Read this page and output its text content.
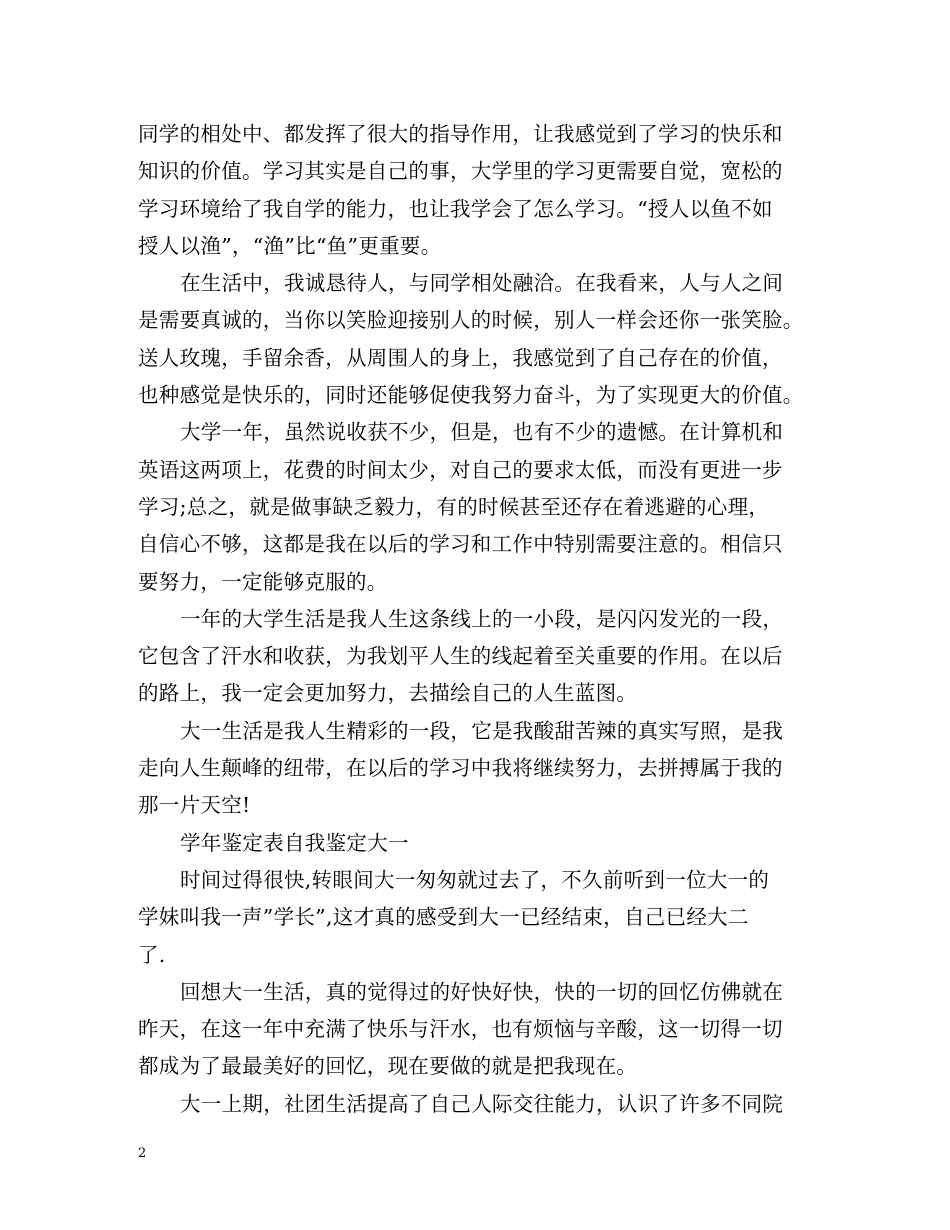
同学的相处中、都发挥了很大的指导作用，让我感觉到了学习的快乐和
知识的价值。学习其实是自己的事，大学里的学习更需要自觉，宽松的
学习环境给了我自学的能力，也让我学会了怎么学习。“授人以鱼不如
授人以渔”，“渔”比“鱼”更重要。
在生活中，我诚恳待人，与同学相处融洽。在我看来，人与人之间
是需要真诚的，当你以笑脸迎接别人的时候，别人一样会还你一张笑脸。
送人玫瑰，手留余香，从周围人的身上，我感觉到了自己存在的价值，
也种感觉是快乐的，同时还能够促使我努力奋斗，为了实现更大的价值。
大学一年，虽然说收获不少，但是，也有不少的遗憾。在计算机和
英语这两项上，花费的时间太少，对自己的要求太低，而没有更进一步
学习;总之，就是做事缺乏毅力，有的时候甚至还存在着逃避的心理，
自信心不够，这都是我在以后的学习和工作中特别需要注意的。相信只
要努力，一定能够克服的。
一年的大学生活是我人生这条线上的一小段，是闪闪发光的一段，
它包含了汗水和收获，为我划平人生的线起着至关重要的作用。在以后
的路上，我一定会更加努力，去描绘自己的人生蓝图。
大一生活是我人生精彩的一段，它是我酸甜苦辣的真实写照，是我
走向人生颠峰的纽带，在以后的学习中我将继续努力，去拼搏属于我的
那一片天空!
学年鉴定表自我鉴定大一
时间过得很快,转眼间大一匆匆就过去了，不久前听到一位大一的
学妹叫我一声”学长”,这才真的感受到大一已经结束，自己已经大二
了.
回想大一生活，真的觉得过的好快好快，快的一切的回忆仿佛就在
昨天，在这一年中充满了快乐与汗水，也有烦恼与辛酸，这一切得一切
都成为了最最美好的回忆，现在要做的就是把我现在。
大一上期，社团生活提高了自己人际交往能力，认识了许多不同院
2
